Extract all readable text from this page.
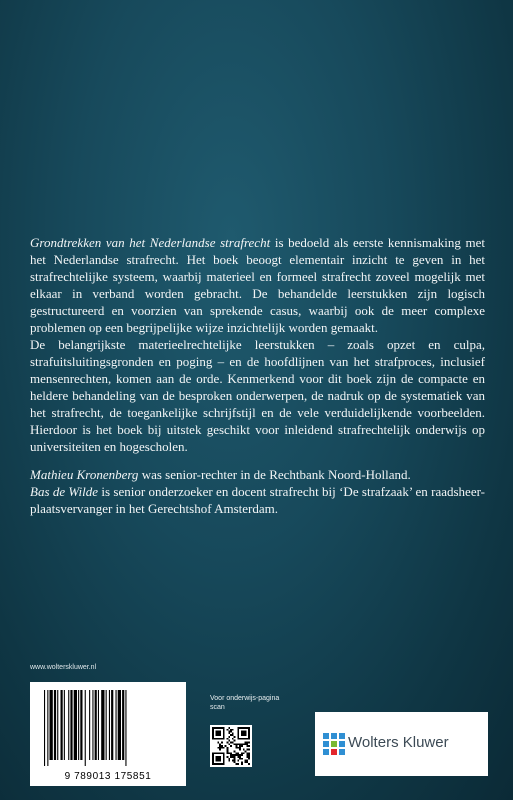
Grondtrekken van het Nederlandse strafrecht is bedoeld als eerste kennismaking met het Nederlandse strafrecht. Het boek beoogt elementair inzicht te geven in het strafrechtelijke systeem, waarbij materieel en formeel strafrecht zoveel mogelijk met elkaar in verband worden gebracht. De behandelde leerstukken zijn logisch gestructureerd en voorzien van sprekende casus, waarbij ook de meer complexe problemen op een begrijpelijke wijze inzichtelijk worden gemaakt.

De belangrijkste materieelrechtelijke leerstukken – zoals opzet en culpa, strafuitsluitingsgronden en poging – en de hoofdlijnen van het strafproces, inclusief mensenrechten, komen aan de orde. Kenmerkend voor dit boek zijn de compacte en heldere behandeling van de besproken onderwerpen, de nadruk op de systematiek van het strafrecht, de toegankelijke schrijfstijl en de vele verduidelijkende voorbeelden. Hierdoor is het boek bij uitstek geschikt voor inleidend strafrechtelijk onderwijs op universiteiten en hogescholen.

Mathieu Kronenberg was senior-rechter in de Rechtbank Noord-Holland.

Bas de Wilde is senior onderzoeker en docent strafrecht bij ‘De strafzaak’ en raadsheer-plaatsvervanger in het Gerechtshof Amsterdam.

www.wolterskluwer.nl
9 789013 175851
Voor onderwijs-pagina scan
Wolters Kluwer
